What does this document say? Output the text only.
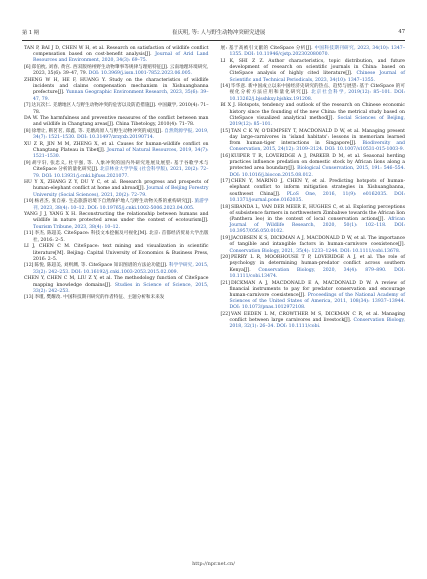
第 1 期	崔庆明, 等: 人与野生动物冲突研究进展	47

TAN P, BAI J D, CHEN W H, et al. Research on satisfaction of wildlife conflict compensation based on cost-benefit analysis[J]. Journal of Arid Land Resources and Environment, 2020, 34(3): 69–75.

[6]郑伯枕, 刘春, 黄宫. 西双版纳州野生动物肇事等规律与理赔特征[J]. 云南地理环境研究, 2023, 35(6): 39–47, 79. DOI: 10.3969/j.issn.1001-7852.2023.06.005.

ZHENG W H, HE F, HUANG Y. Study on the characteristics of wildlife incidents and claims compensation mechanism in Xishuangbanna prefecture[J]. Yunnan Geographic Environment Research, 2023, 35(6): 39–47, 79.

[7]达瓦次仁. 羌塘地区人与野生动物冲突的危害以及防范措施[J]. 中国藏学, 2010(4): 71–78.

DA W. The harmfulness and preventive measures of the conflict between man and wildlife in Changtang areas[J]. China Tibetology, 2010(4): 71–78.

[8]徐增让, 靳茗茗, 郑鑫, 等. 羌塘高原人与野生动物冲突的成因[J]. 自然资源学报, 2019, 34(7): 1521–1530. DOI: 10.31497/zrzyxb.20190714.

XU Z R, JIN M M, ZHENG X, et al. Causes for human-wildlife conflict on Changtang Plateau in Tibet[J]. Journal of Natural Resources, 2019, 34(7): 1521–1530.

[9]胡宇轩, 张忠义, 杜宇强, 等. 人象冲突的国内外研究进展及展望: 基于谷歌学术与 CiteSpace 分析的量化研究[J]. 北京林业大学学报 (社会科学版), 2021, 20(2): 72–79. DOI: 10.13931/j.cnki.bjfuss.2021077.

HU Y X, ZHANG Z Y, DU Y C, et al. Research progress and prospects of human-elephant conflict at home and abroad[J]. Journal of Beijing Forestry University (Social Sciences), 2021, 20(2): 72–79.

[10]杨君杰, 张自豪. 生态旅游语境下自然保护地人与野生动物关系的重构研究[J]. 旅游学刊, 2023, 38(4): 10–12. DOI: 10.19765/j.cnki.1002-5006.2023.04.005.

YANG J J, YANG X H. Reconstructing the relationship between humans and wildlife in nature protected areas under the context of ecotourism[J]. Tourism Tribune, 2023, 38(4): 10–12.

[11]李杰, 陈超美. CiteSpace: 科技文本挖掘及可视化[M]. 北京: 首都经济贸易大学出版社, 2016: 2–5.

LI J, CHEN C M. CiteSpace: text mining and visualization in scientific literature[M]. Beijing: Capital University of Economics & Business Press, 2016: 2–5.

[12]陈悦, 陈超美, 刘则渊, 等. CiteSpace 知识图谱的方法论功能[J]. 科学学研究, 2015, 33(2): 242–253. DOI: 10.16192/j.cnki.1003-2053.2015.02.009.

CHEN Y, CHEN C M, LIU Z Y, et al. The methodology function of CiteSpace mapping knowledge domains[J]. Studies in Science of Science, 2015, 33(2): 242–253.

[13]李瑾, 樊耀改. 中国科技期刊研究的作者特征、主题分析和未来发

展: 基于高被引文献的 CiteSpace 分析[J]. 中国科技期刊研究, 2023, 34(10): 1347–1355. DOI: 10.11946/cjstp.202302080070.

LI K, SHI Z Z. Author characteristics, topic distribution, and future development of research on scientific journals in China: based on CiteSpace analysis of highly cited literature[J]. Chinese Journal of Scientific and Technical Periodicals, 2023, 34(10): 1347–1355.

[14]毕华意. 新中国成立以来中国经济史研究的热点、趋势与展望: 基于 CiteSpace 的可视化分析方法应用和量化研究[J]. 北京社会科学, 2019(12): 85–101. DOI: 10.13262/j.bjsshkxy.bjshkx.191208.

BI X J. Hotspots, tendency and outlook of the research on Chinese economic history since the founding of the new China: the metrical study based on CiteSpace visualized analytical method[J]. Social Sciences of Beijing, 2019(12): 85–101.

[15]TAN C K W, O'DEMPSEY T, MACDONALD D W, et al. Managing present day large-carnivores in 'island habitats': lessons in memoriam learned from human-tiger interactions in Singapore[J]. Biodiversity and Conservation, 2015, 24(12): 3109–3124. DOI: 10.1007/s10531-015-1003-9.

[16]KUIPER T R, LOVERIDGE A J, PARKER D M, et al. Seasonal herding practices influence predation on domestic stock by African lions along a protected area boundary[J]. Biological Conservation, 2015, 191: 546–554. DOI: 10.1016/j.biocon.2015.08.012.

[17]CHEN Y, MARINO J, CHEN Y, et al. Predicting hotspots of human-elephant conflict to inform mitigation strategies in Xishuangbanna, southwest China[J]. PLoS One, 2016, 11(9): e0162035. DOI: 10.1371/journal.pone.0162035.

[18]SIBANDA L, VAN DER MEER E, HUGHES C, et al. Exploring perceptions of subsistence farmers in northwestern Zimbabwe towards the African lion (Panthera leo) in the context of local conservation actions[J]. African Journal of Wildlife Research, 2020, 50(1): 102–118. DOI: 10.3957/056.050.0102.

[19]JACOBSEN K S, DICKMAN A J, MACDONALD D W, et al. The importance of tangible and intangible factors in human-carnivore coexistence[J]. Conservation Biology, 2021, 35(4): 1233–1244. DOI: 10.1111/cobi.13678.

[20]PERRY L R, MOORHOUSE T P, LOVERIDGE A J, et al. The role of psychology in determining human-predator conflict across southern Kenya[J]. Conservation Biology, 2020, 34(4): 879–890. DOI: 10.1111/cobi.13474.

[21]DICKMAN A J, MACDONALD E A, MACDONALD D W. A review of financial instruments to pay for predator conservation and encourage human-carnivore coexistence[J]. Proceedings of the National Academy of Sciences of the United States of America, 2011, 108(34): 13937–13944. DOI: 10.1073/pnas.1012972108.

[22]VAN EEDEN L M, CROWTHER M S, DICKMAN C R, et al. Managing conflict between large carnivores and livestock[J]. Conservation Biology, 2018, 32(1): 26–34. DOI: 10.1111/cobi.

http://npr.net.cn/
